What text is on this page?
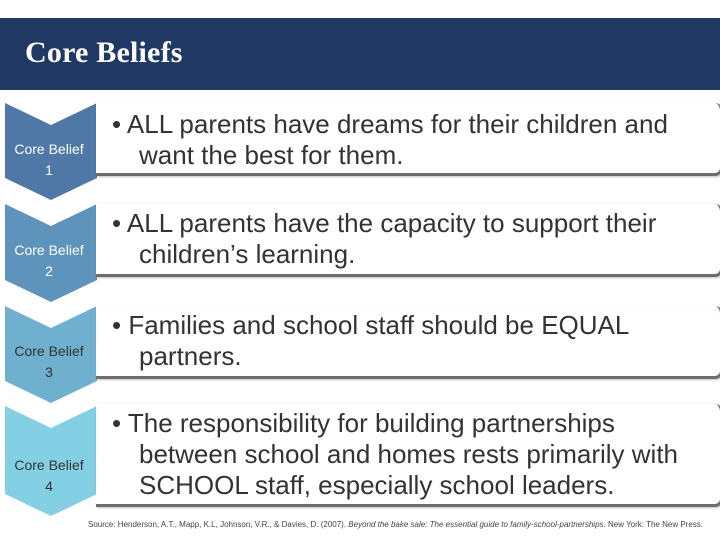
Core Beliefs
Core Belief
1
• ALL parents have dreams for their children and want the best for them.
Core Belief
2
• ALL parents have the capacity to support their children’s learning.
Core Belief
3
• Families and school staff should be EQUAL partners.
Core Belief
4
• The responsibility for building partnerships between school and homes rests primarily with SCHOOL staff, especially school leaders.
Source: Henderson, A.T., Mapp, K.L, Johnson, V.R., & Davies, D. (2007). Beyond the bake sale: The essential guide to family-school-partnerships. New York: The New Press.
